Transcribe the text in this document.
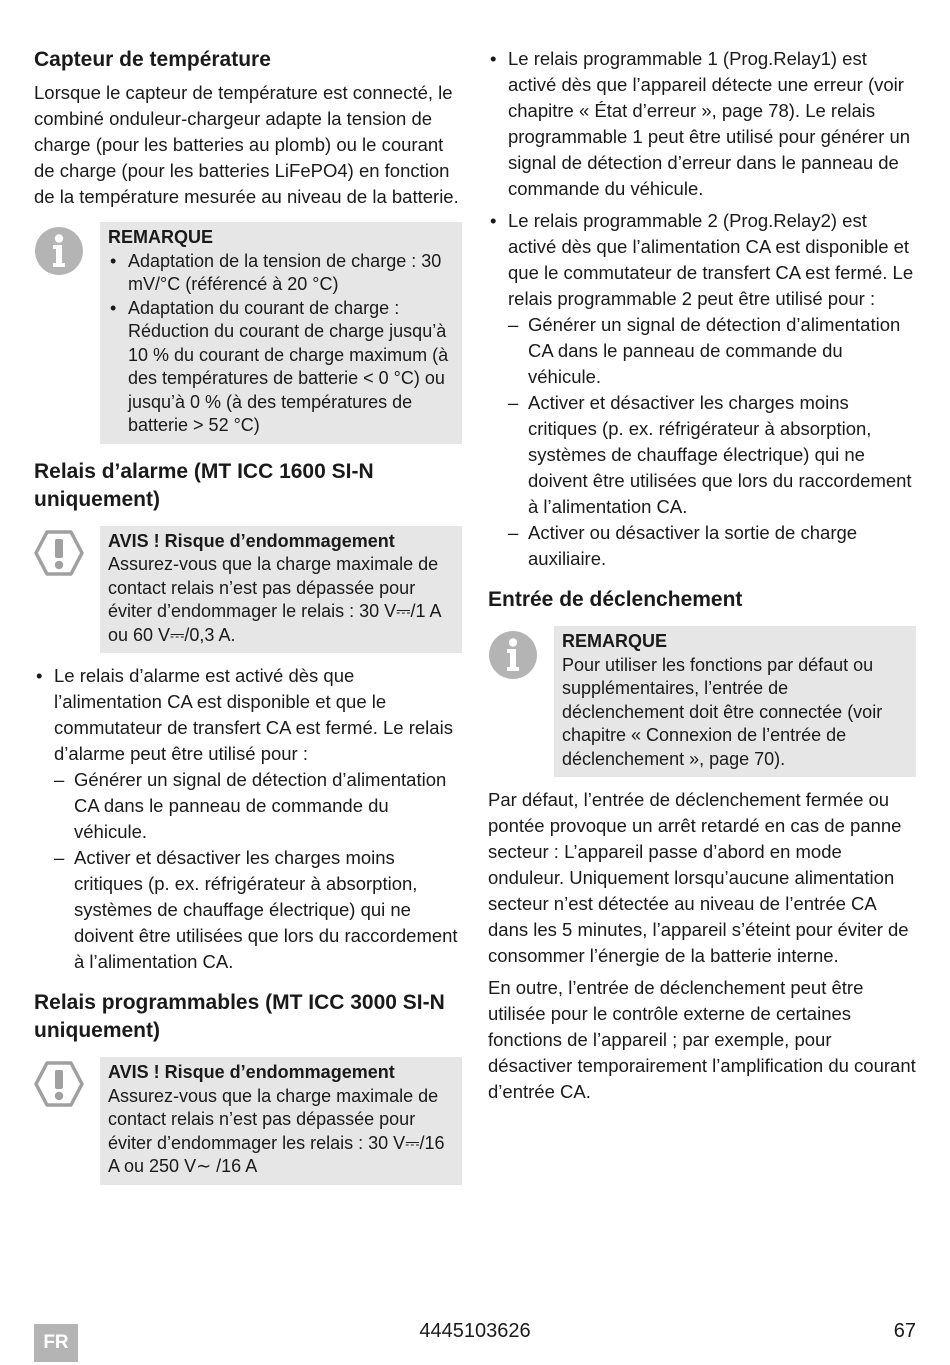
Capteur de température

Lorsque le capteur de température est connecté, le combiné onduleur-chargeur adapte la tension de charge (pour les batteries au plomb) ou le courant de charge (pour les batteries LiFePO4) en fonction de la température mesurée au niveau de la batterie.

REMARQUE
• Adaptation de la tension de charge : 30 mV/°C (référencé à 20 °C)
• Adaptation du courant de charge : Réduction du courant de charge jusqu’à 10 % du courant de charge maximum (à des températures de batterie < 0 °C) ou jusqu’à 0 % (à des températures de batterie > 52 °C)
Relais d’alarme (MT ICC 1600 SI-N uniquement)
AVIS ! Risque d’endommagement
Assurez-vous que la charge maximale de contact relais n’est pas dépassée pour éviter d’endommager le relais : 30 V⎓/1 A ou 60 V⎓/0,3 A.
• Le relais d’alarme est activé dès que l’alimentation CA est disponible et que le commutateur de transfert CA est fermé. Le relais d’alarme peut être utilisé pour :
– Générer un signal de détection d’alimentation CA dans le panneau de commande du véhicule.
– Activer et désactiver les charges moins critiques (p. ex. réfrigérateur à absorption, systèmes de chauffage électrique) qui ne doivent être utilisées que lors du raccordement à l’alimentation CA.
Relais programmables (MT ICC 3000 SI-N uniquement)
AVIS ! Risque d’endommagement
Assurez-vous que la charge maximale de contact relais n’est pas dépassée pour éviter d’endommager les relais : 30 V⎓/16 A ou 250 V∼ /16 A
• Le relais programmable 1 (Prog.Relay1) est activé dès que l’appareil détecte une erreur (voir chapitre « État d’erreur », page 78). Le relais programmable 1 peut être utilisé pour générer un signal de détection d’erreur dans le panneau de commande du véhicule.
• Le relais programmable 2 (Prog.Relay2) est activé dès que l’alimentation CA est disponible et que le commutateur de transfert CA est fermé. Le relais programmable 2 peut être utilisé pour :
– Générer un signal de détection d’alimentation CA dans le panneau de commande du véhicule.
– Activer et désactiver les charges moins critiques (p. ex. réfrigérateur à absorption, systèmes de chauffage électrique) qui ne doivent être utilisées que lors du raccordement à l’alimentation CA.
– Activer ou désactiver la sortie de charge auxiliaire.
Entrée de déclenchement
REMARQUE
Pour utiliser les fonctions par défaut ou supplémentaires, l’entrée de déclenchement doit être connectée (voir chapitre « Connexion de l’entrée de déclenchement », page 70).

Par défaut, l’entrée de déclenchement fermée ou pontée provoque un arrêt retardé en cas de panne secteur : L’appareil passe d’abord en mode onduleur. Uniquement lorsqu’aucune alimentation secteur n’est détectée au niveau de l’entrée CA dans les 5 minutes, l’appareil s’éteint pour éviter de consommer l’énergie de la batterie interne.

En outre, l’entrée de déclenchement peut être utilisée pour le contrôle externe de certaines fonctions de l’appareil ; par exemple, pour désactiver temporairement l’amplification du courant d’entrée CA.

FR
4445103626	67
